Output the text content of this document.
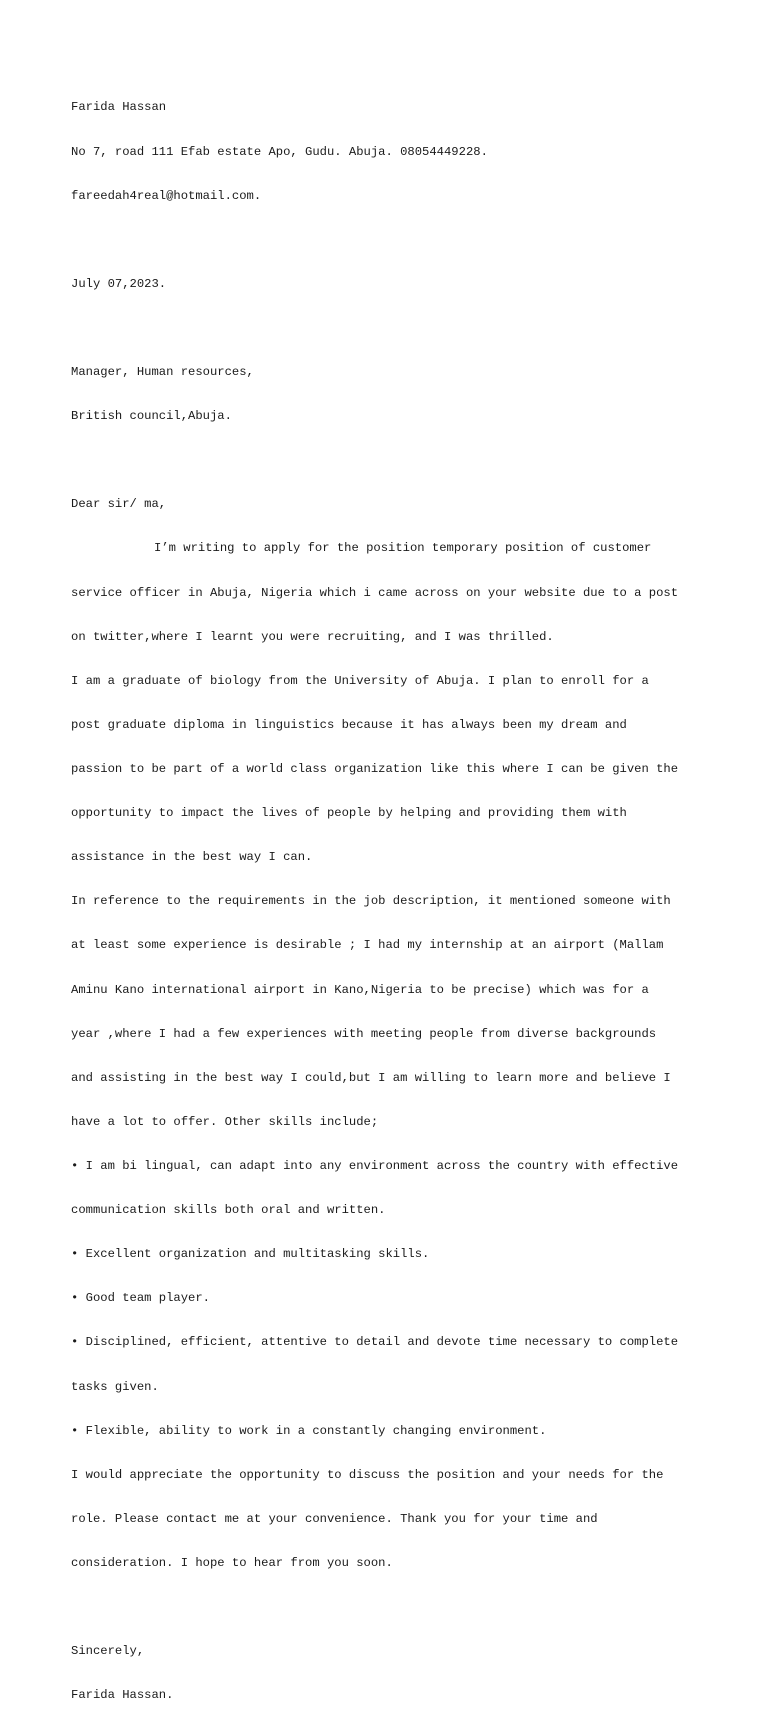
Farida Hassan

No 7, road 111 Efab estate Apo, Gudu. Abuja. 08054449228.

fareedah4real@hotmail.com.

July 07,2023.

Manager, Human resources,

British council,Abuja.

Dear sir/ ma,

I’m writing to apply for the position temporary position of customer

service officer in Abuja, Nigeria which i came across on your website due to a post

on twitter,where I learnt you were recruiting, and I was thrilled.

I am a graduate of biology from the University of Abuja. I plan to enroll for a

post graduate diploma in linguistics because it has always been my dream and

passion to be part of a world class organization like this where I can be given the

opportunity to impact the lives of people by helping and providing them with

assistance in the best way I can.

In reference to the requirements in the job description, it mentioned someone with

at least some experience is desirable ; I had my internship at an airport (Mallam

Aminu Kano international airport in Kano,Nigeria to be precise) which was for a

year ,where I had a few experiences with meeting people from diverse backgrounds

and assisting in the best way I could,but I am willing to learn more and believe I

have a lot to offer. Other skills include;

• I am bi lingual, can adapt into any environment across the country with effective

communication skills both oral and written.

• Excellent organization and multitasking skills.

• Good team player.

• Disciplined, efficient, attentive to detail and devote time necessary to complete

tasks given.

• Flexible, ability to work in a constantly changing environment.

I would appreciate the opportunity to discuss the position and your needs for the

role. Please contact me at your convenience. Thank you for your time and

consideration. I hope to hear from you soon.

Sincerely,

Farida Hassan.
